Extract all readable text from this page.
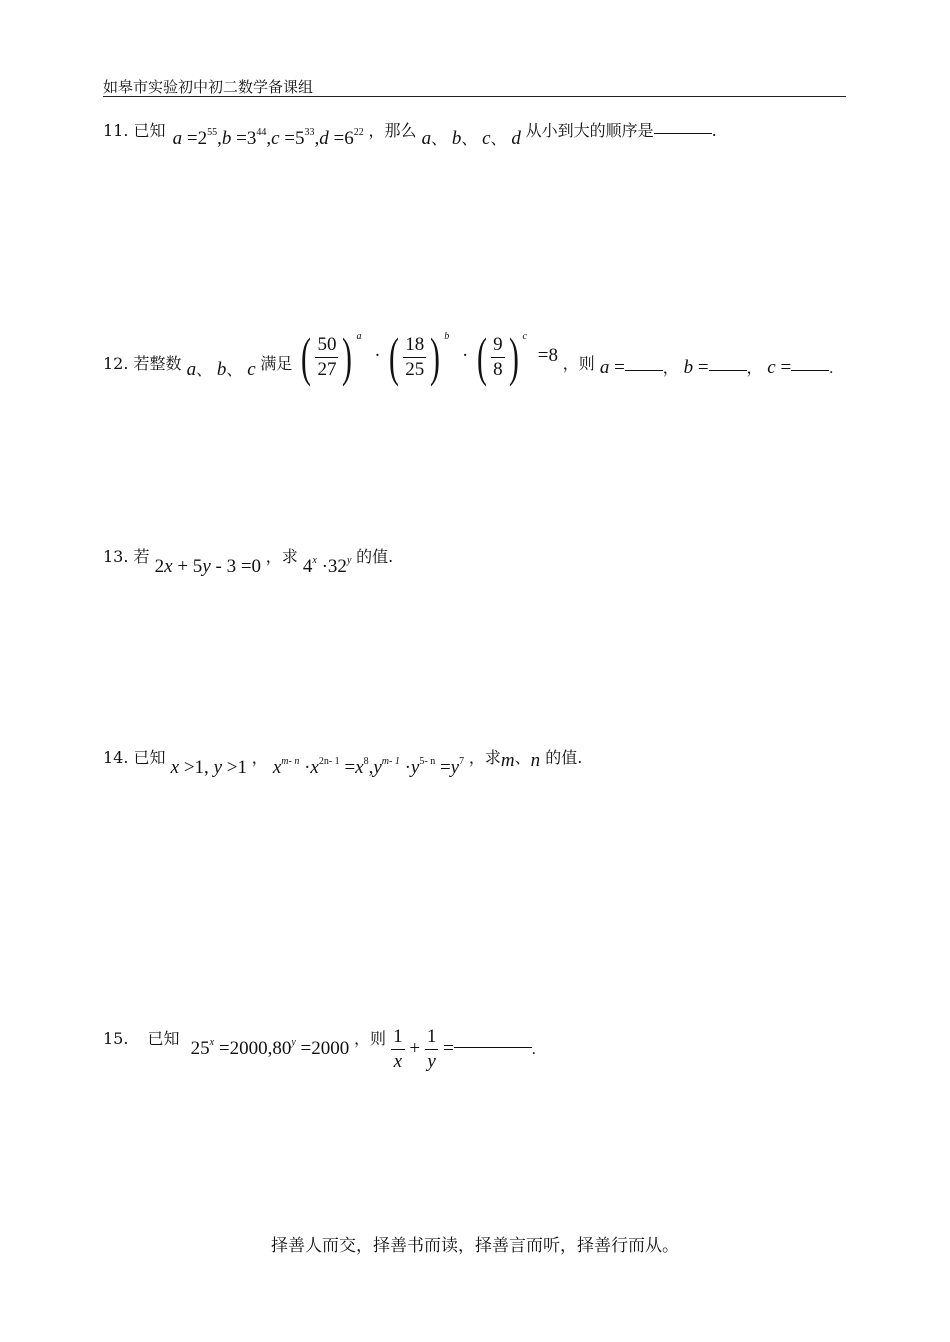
如皋市实验初中初二数学备课组
11. 已知 $a =2^{55},b =3^{44},c =5^{33},d =6^{22}$ ，那么 a、 b、 c、 d 从小到大的顺序是	.
12. 若整数 a、 b、 c 满足 ( $\frac{50}{27}$ ) $^a$ · ( $\frac{18}{25}$ ) $^b$ · ( $\frac{9}{8}$ ) $^c$ =8 ，则 a = ， b = ， c = .
13. 若 2x + 5y - 3 =0 ，求 $4^x \cdot 32^y$ 的值.
14. 已知 x >1, y >1 ， $x^{m- n} \cdot x^{2n- 1} =x^8,y^{m- 1} \cdot y^{5- n} =y^7$ ，求m、n 的值.
15. 已知 $25^x =2000,80^y =2000$ ，则 $\frac{1}{x} + \frac{1}{y}$ =	.
择善人而交，择善书而读，择善言而听，择善行而从。
